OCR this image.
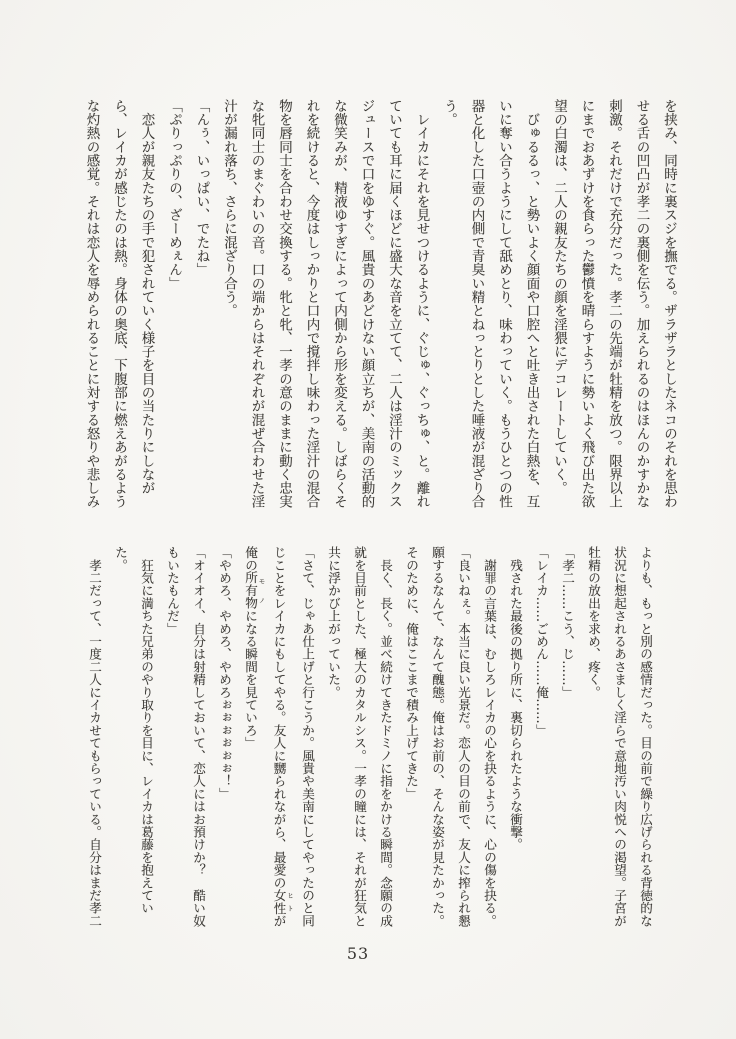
を挟み、同時に裏スジを撫でる。ザラザラとしたネコのそれを思わ
せる舌の凹凸が孝二の裏側を伝う。加えられるのはほんのかすかな
刺激。それだけで充分だった。孝二の先端が牡精を放つ。限界以上
にまでおあずけを食らった鬱憤を晴らすように勢いよく飛び出た欲
望の白濁は、二人の親友たちの顔を淫猥にデコレートしていく。
　びゅるるっ、と勢いよく顔面や口腔へと吐き出された白熱を、互
いに奪い合うようにして舐めとり、味わっていく。もうひとつの性
器と化した口壺の内側で青臭い精とねっとりとした唾液が混ざり合
う。
　レイカにそれを見せつけるように、ぐじゅ、ぐっちゅ、と。離れ
ていても耳に届くほどに盛大な音を立てて、二人は淫汁のミックス
ジュースで口をゆすぐ。風貴のあどけない顔立ちが、美南の活動的
な微笑みが、精液ゆすぎによって内側から形を変える。しばらくそ
れを続けると、今度はしっかりと口内で撹拌し味わった淫汁の混合
物を唇同士を合わせ交換する。牝と牝、一孝の意のままに動く忠実
な牝同士のまぐわいの音。口の端からはそれぞれが混ぜ合わせた淫
汁が漏れ落ち、さらに混ざり合う。
「んぅ、いっぱい、でたね」
「ぷりっぷりの、ざーめぇん」
　恋人が親友たちの手で犯されていく様子を目の当たりにしなが
ら、レイカが感じたのは熱。身体の奥底、下腹部に燃えあがるよう
な灼熱の感覚。それは恋人を辱められることに対する怒りや悲しみ
よりも、もっと別の感情だった。目の前で繰り広げられる背徳的な
状況に想起されるあさましく淫らで意地汚い肉悦への渇望。子宮が
牡精の放出を求め、疼く。
「孝二……こう、じ……」
「レイカ……ごめん……俺……」
　残された最後の拠り所に、裏切られたような衝撃。
　謝罪の言葉は、むしろレイカの心を抉るように、心の傷を抉る。
「良いねぇ。本当に良い光景だ。恋人の目の前で、友人に搾られ懇
願するなんて、なんて醜態。俺はお前の、そんな姿が見たかった。
そのために、俺はここまで積み上げてきた」
　長く、長く。並べ続けてきたドミノに指をかける瞬間。念願の成
就を目前とした、極大のカタルシス。一孝の瞳には、それが狂気と
共に浮かび上がっていた。
「さて、じゃあ仕上げと行こうか。風貴や美南にしてやったのと同
じことをレイカにもしてやる。友人に嬲られながら、最愛の女性 ヒトが
俺の所有物 モノになる瞬間を見ていろ」
「やめろ、やめろ、やめろぉぉぉぉぉぉ！」
「オイオイ、自分は射精しておいて、恋人にはお預けか？　酷い奴
もいたもんだ」
　狂気に満ちた兄弟のやり取りを目に、レイカは葛藤を抱えてい
た。
　孝二だって、一度二人にイカせてもらっている。自分はまだ孝二
53
